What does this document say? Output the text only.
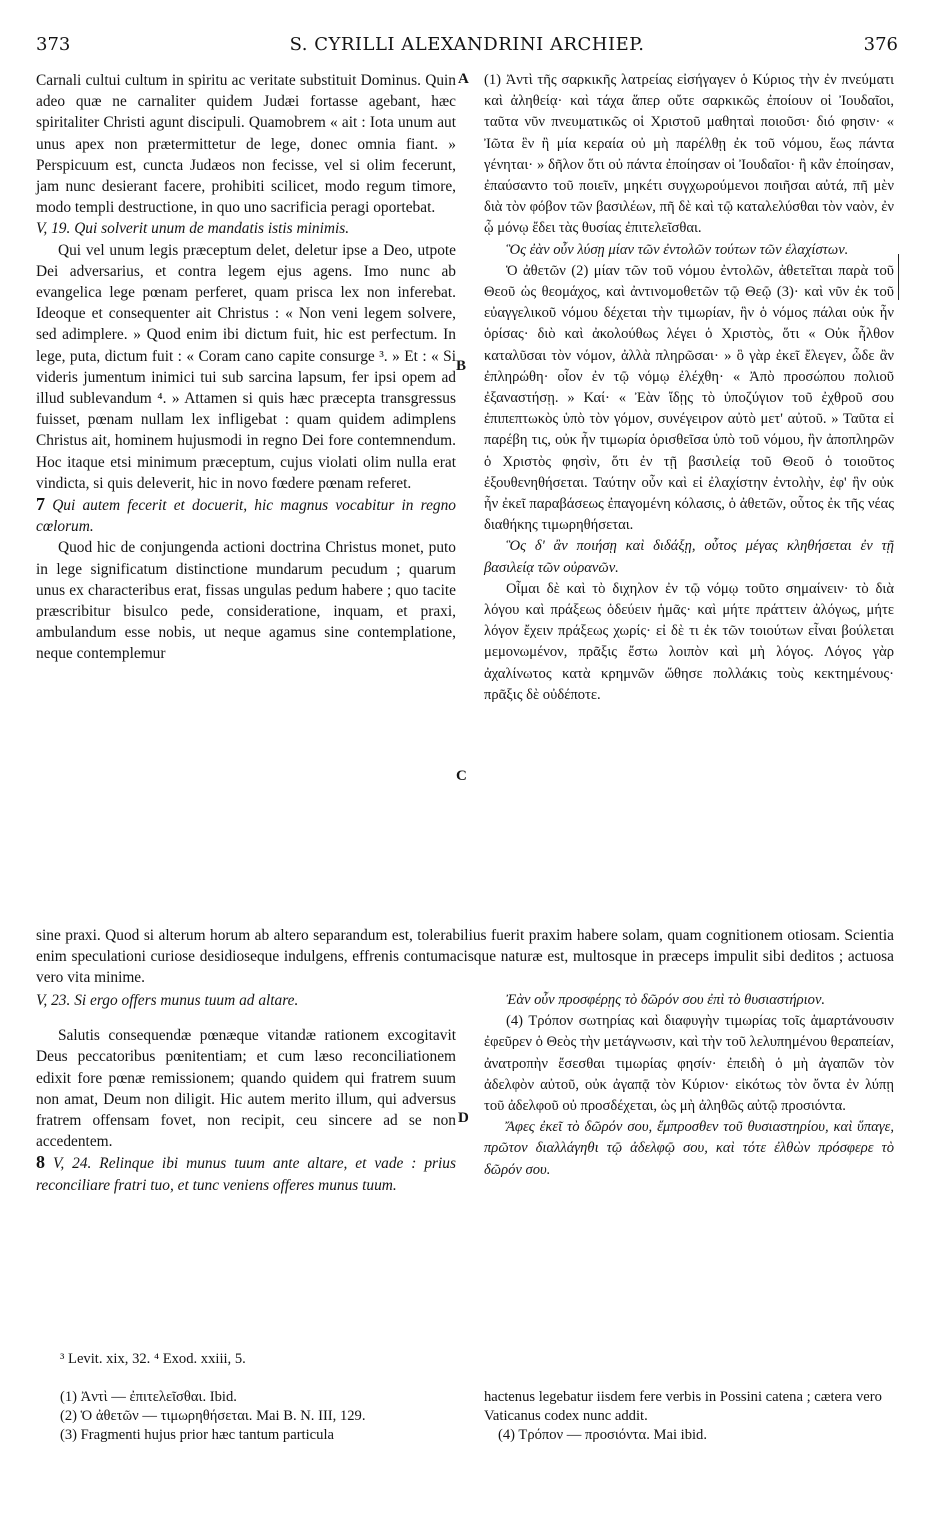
373	S. CYRILLI ALEXANDRINI ARCHIEP.	376
A
B
C
D

Carnali cultui cultum in spiritu ac veritate substituit Dominus. Quin adeo quæ ne carnaliter quidem Judæi fortasse agebant, hæc spiritaliter Christi agunt discipuli. Quamobrem « ait : Iota unum aut unus apex non prætermittetur de lege, donec omnia fiant. » Perspicuum est, cuncta Judæos non fecisse, vel si olim fecerunt, jam nunc desierant facere, prohibiti scilicet, modo regum timore, modo templi destructione, in quo uno sacrificia peragi oportebat.

V, 19. Qui solverit unum de mandatis istis minimis.

Qui vel unum legis præceptum delet, deletur ipse a Deo, utpote Dei adversarius, et contra legem ejus agens. Imo nunc ab evangelica lege pœnam perferet, quam prisca lex non inferebat. Ideoque et consequenter ait Christus : « Non veni legem solvere, sed adimplere. » Quod enim ibi dictum fuit, hic est perfectum. In lege, puta, dictum fuit : « Coram cano capite consurge ³. » Et : « Si videris jumentum inimici tui sub sarcina lapsum, fer ipsi opem ad illud sublevandum ⁴. » Attamen si quis hæc præcepta transgressus fuisset, pœnam nullam lex infligebat : quam quidem adimplens Christus ait, hominem hujusmodi in regno Dei fore contemnendum. Hoc itaque etsi minimum præceptum, cujus violati olim nulla erat vindicta, si quis deleverit, hic in novo fœdere pœnam referet.

7 Qui autem fecerit et docuerit, hic magnus vocabitur in regno cœlorum.

Quod hic de conjungenda actioni doctrina Christus monet, puto in lege significatum distinctione mundarum pecudum ; quarum unus ex characteribus erat, fissas ungulas pedum habere ; quo tacite præscribitur bisulco pede, consideratione, inquam, et praxi, ambulandum esse nobis, ut neque agamus sine contemplatione, neque contemplemur

(1) Ἀντὶ τῆς σαρκικῆς λατρείας εἰσήγαγεν ὁ Κύριος τὴν ἐν πνεύματι καὶ ἀληθείᾳ· καὶ τάχα ἅπερ οὔτε σαρκικῶς ἐποίουν οἱ Ἰουδαῖοι, ταῦτα νῦν πνευματικῶς οἱ Χριστοῦ μαθηταὶ ποιοῦσι· διό φησιν· « Ἰῶτα ἓν ἢ μία κεραία οὐ μὴ παρέλθῃ ἐκ τοῦ νόμου, ἕως πάντα γένηται· » δῆλον ὅτι οὐ πάντα ἐποίησαν οἱ Ἰουδαῖοι· ἢ κἂν ἐποίησαν, ἐπαύσαντο τοῦ ποιεῖν, μηκέτι συγχωρούμενοι ποιῆσαι αὐτά, πῆ μὲν διὰ τὸν φόβον τῶν βασιλέων, πῆ δὲ καὶ τῷ καταλελύσθαι τὸν ναὸν, ἐν ᾧ μόνῳ ἔδει τὰς θυσίας ἐπιτελεῖσθαι.

Ὃς ἐὰν οὖν λύσῃ μίαν τῶν ἐντολῶν τούτων τῶν ἐλαχίστων.

Ὁ ἀθετῶν (2) μίαν τῶν τοῦ νόμου ἐντολῶν, ἀθετεῖται παρὰ τοῦ Θεοῦ ὡς θεομάχος, καὶ ἀντινομοθετῶν τῷ Θεῷ (3)· καὶ νῦν ἐκ τοῦ εὐαγγελικοῦ νόμου δέχεται τὴν τιμωρίαν, ἣν ὁ νόμος πάλαι οὐκ ἦν ὁρίσας· διὸ καὶ ἀκολούθως λέγει ὁ Χριστὸς, ὅτι « Οὐκ ἦλθον καταλῦσαι τὸν νόμον, ἀλλὰ πληρῶσαι· » ὃ γὰρ ἐκεῖ ἔλεγεν, ὧδε ἂν ἐπληρώθη· οἷον ἐν τῷ νόμῳ ἐλέχθη· « Ἀπὸ προσώπου πολιοῦ ἐξαναστήσῃ. » Καί· « Ἐὰν ἴδῃς τὸ ὑποζύγιον τοῦ ἐχθροῦ σου ἐπιπεπτωκὸς ὑπὸ τὸν γόμον, συνέγειρον αὐτὸ μετ' αὐτοῦ. » Ταῦτα εἰ παρέβη τις, οὐκ ἦν τιμωρία ὁρισθεῖσα ὑπὸ τοῦ νόμου, ἣν ἀποπληρῶν ὁ Χριστὸς φησὶν, ὅτι ἐν τῇ βασιλείᾳ τοῦ Θεοῦ ὁ τοιοῦτος ἐξουθενηθήσεται. Ταύτην οὖν καὶ εἰ ἐλαχίστην ἐντολὴν, ἐφ' ἣν οὐκ ἦν ἐκεῖ παραβάσεως ἐπαγομένη κόλασις, ὁ ἀθετῶν, οὗτος ἐκ τῆς νέας διαθήκης τιμωρηθήσεται.

Ὃς δ' ἂν ποιήσῃ καὶ διδάξῃ, οὗτος μέγας κληθήσεται ἐν τῇ βασιλείᾳ τῶν οὐρανῶν.

Οἶμαι δὲ καὶ τὸ διχηλον ἐν τῷ νόμῳ τοῦτο σημαίνειν· τὸ διὰ λόγου καὶ πράξεως ὁδεύειν ἡμᾶς· καὶ μήτε πράττειν ἀλόγως, μήτε λόγον ἔχειν πράξεως χωρίς· εἰ δὲ τι ἐκ τῶν τοιούτων εἶναι βούλεται μεμονωμένον, πρᾶξις ἔστω λοιπὸν καὶ μὴ λόγος. Λόγος γὰρ ἀχαλίνωτος κατὰ κρημνῶν ὤθησε πολλάκις τοὺς κεκτημένους· πρᾶξις δὲ οὐδέποτε.

sine praxi. Quod si alterum horum ab altero separandum est, tolerabilius fuerit praxim habere solam, quam cognitionem otiosam. Scientia enim speculationi curiose desidioseque indulgens, effrenis contumacisque naturæ est, multosque in præceps impulit sibi deditos ; actuosa vero vita minime.

V, 23. Si ergo offers munus tuum ad altare.

Salutis consequendæ pœnæque vitandæ rationem excogitavit Deus peccatoribus pœnitentiam; et cum læso reconciliationem edixit fore pœnæ remissionem; quando quidem qui fratrem suum non amat, Deum non diligit. Hic autem merito illum, qui adversus fratrem offensam fovet, non recipit, ceu sincere ad se non accedentem.

8 V, 24. Relinque ibi munus tuum ante altare, et vade : prius reconciliare fratri tuo, et tunc veniens offeres munus tuum.

Ἐὰν οὖν προσφέρῃς τὸ δῶρόν σου ἐπὶ τὸ θυσιαστήριον.

(4) Τρόπον σωτηρίας καὶ διαφυγὴν τιμωρίας τοῖς ἁμαρτάνουσιν ἐφεῦρεν ὁ Θεὸς τὴν μετάγνωσιν, καὶ τὴν τοῦ λελυπημένου θεραπείαν, ἀνατροπὴν ἔσεσθαι τιμωρίας φησίν· ἐπειδὴ ὁ μὴ ἀγαπῶν τὸν ἀδελφὸν αὐτοῦ, οὐκ ἀγαπᾷ τὸν Κύριον· εἰκότως τὸν ὄντα ἐν λύπῃ τοῦ ἀδελφοῦ οὐ προσδέχεται, ὡς μὴ ἀληθῶς αὐτῷ προσιόντα.

Ἄφες ἐκεῖ τὸ δῶρόν σου, ἔμπροσθεν τοῦ θυσιαστηρίου, καὶ ὕπαγε, πρῶτον διαλλάγηθι τῷ ἀδελφῷ σου, καὶ τότε ἐλθὼν πρόσφερε τὸ δῶρόν σου.

³ Levit. xix, 32. ⁴ Exod. xxiii, 5.
(1) Ἀντὶ — ἐπιτελεῖσθαι. Ibid.
(2) Ὁ ἀθετῶν — τιμωρηθήσεται. Mai B. N. III, 129.
(3) Fragmenti hujus prior hæc tantum particula
hactenus legebatur iisdem fere verbis in Possini catena ; cætera vero Vaticanus codex nunc addit.
(4) Τρόπον — προσιόντα. Mai ibid.
